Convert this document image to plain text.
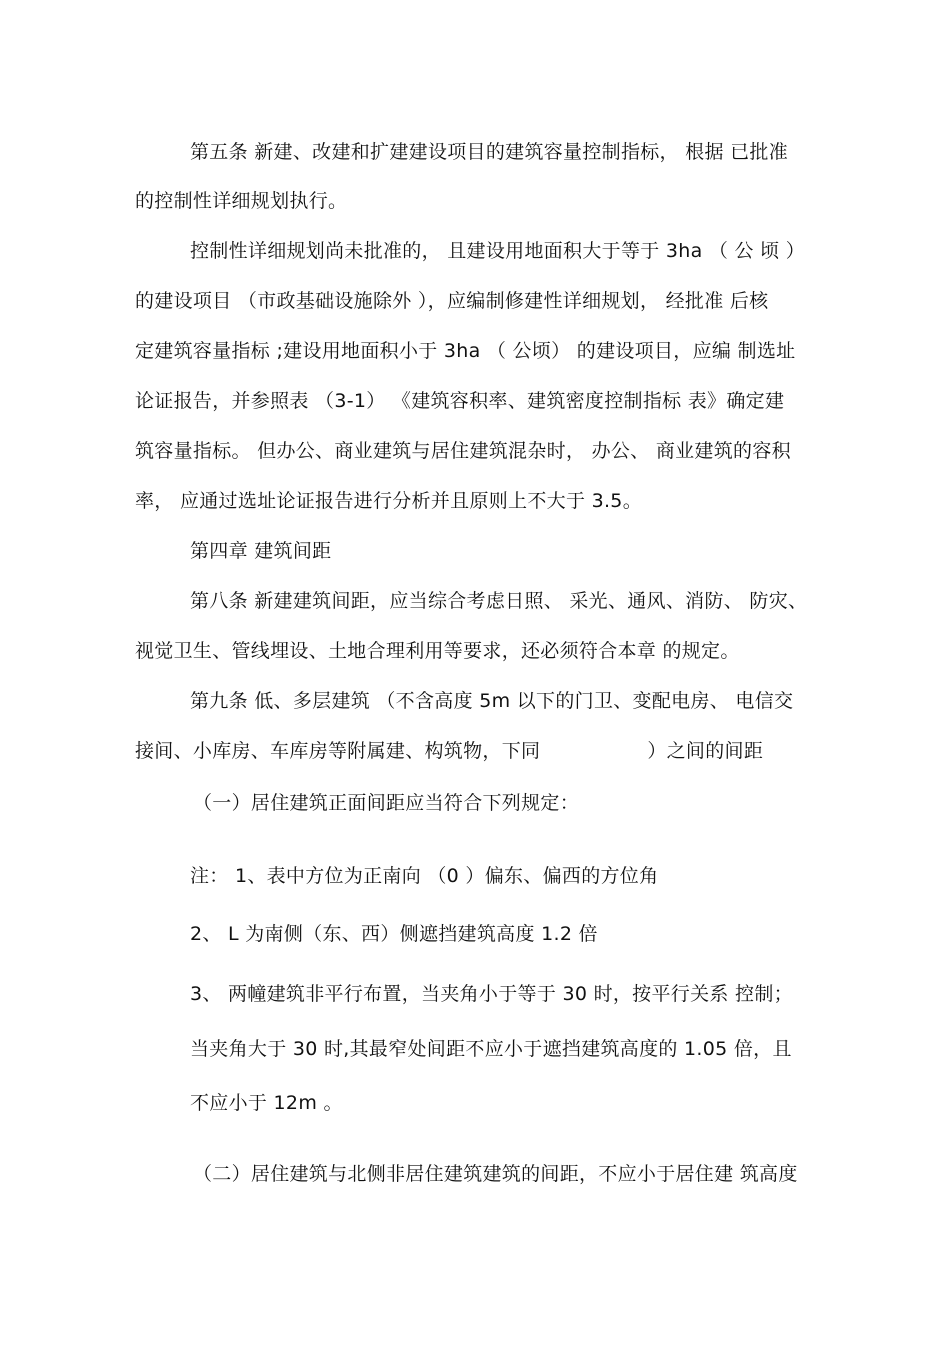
第五条 新建、改建和扩建建设项目的建筑容量控制指标， 根据 已批准

的控制性详细规划执行。

控制性详细规划尚未批准的， 且建设用地面积大于等于 3ha （ 公 顷 ）

的建设项目 （市政基础设施除外 ），应编制修建性详细规划， 经批准 后核

定建筑容量指标 ;建设用地面积小于 3ha （ 公顷） 的建设项目，应编 制选址

论证报告，并参照表 （3-1） 《建筑容积率、建筑密度控制指标 表》确定建

筑容量指标。 但办公、商业建筑与居住建筑混杂时， 办公、 商业建筑的容积

率， 应通过选址论证报告进行分析并且原则上不大于 3.5。

第四章 建筑间距

第八条 新建建筑间距，应当综合考虑日照、 采光、通风、消防、 防灾、

视觉卫生、管线埋设、土地合理利用等要求，还必须符合本章 的规定。

第九条 低、多层建筑 （不含高度 5m 以下的门卫、变配电房、 电信交

接间、小库房、车库房等附属建、构筑物，下同	）之间的间距

（一）居住建筑正面间距应当符合下列规定：

注： 1、表中方位为正南向 （0 ）偏东、偏西的方位角

2、 L 为南侧（东、西）侧遮挡建筑高度 1.2 倍

3、 两幢建筑非平行布置，当夹角小于等于 30 时，按平行关系 控制；

当夹角大于 30 时,其最窄处间距不应小于遮挡建筑高度的 1.05 倍，且

不应小于 12m 。

（二）居住建筑与北侧非居住建筑建筑的间距，不应小于居住建 筑高度
